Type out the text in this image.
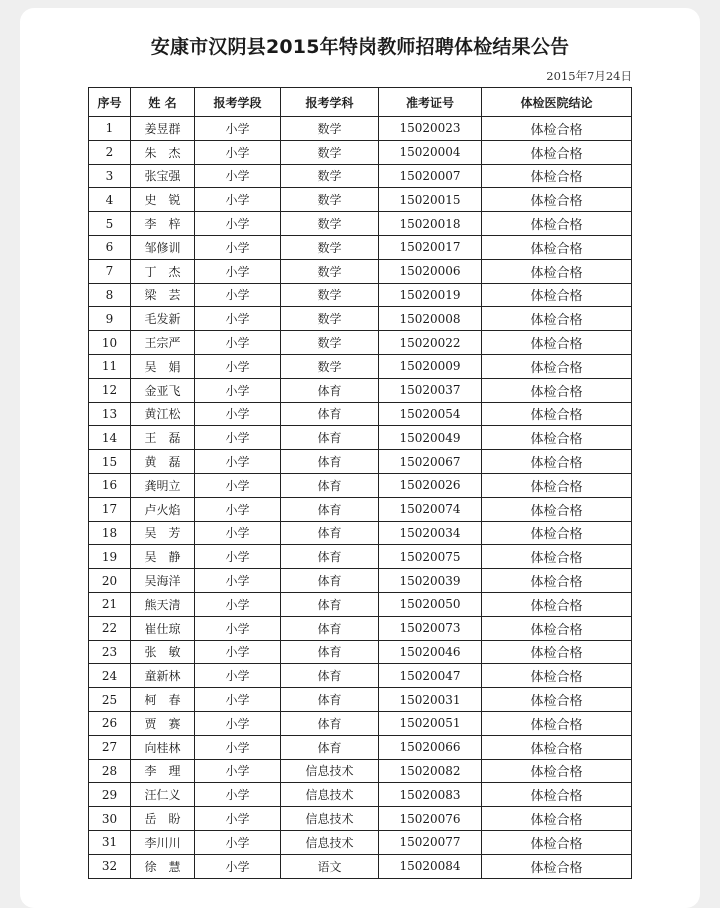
安康市汉阴县2015年特岗教师招聘体检结果公告
2015年7月24日
序号	姓 名	报考学段	报考学科	准考证号	体检医院结论
1	姜昱群	小学	数学	15020023	体检合格
2	朱　杰	小学	数学	15020004	体检合格
3	张宝强	小学	数学	15020007	体检合格
4	史　锐	小学	数学	15020015	体检合格
5	李　梓	小学	数学	15020018	体检合格
6	邹修训	小学	数学	15020017	体检合格
7	丁　杰	小学	数学	15020006	体检合格
8	梁　芸	小学	数学	15020019	体检合格
9	毛发新	小学	数学	15020008	体检合格
10	王宗严	小学	数学	15020022	体检合格
11	吴　娟	小学	数学	15020009	体检合格
12	金亚飞	小学	体育	15020037	体检合格
13	黄江松	小学	体育	15020054	体检合格
14	王　磊	小学	体育	15020049	体检合格
15	黄　磊	小学	体育	15020067	体检合格
16	龚明立	小学	体育	15020026	体检合格
17	卢火焰	小学	体育	15020074	体检合格
18	吴　芳	小学	体育	15020034	体检合格
19	吴　静	小学	体育	15020075	体检合格
20	吴海洋	小学	体育	15020039	体检合格
21	熊天清	小学	体育	15020050	体检合格
22	崔仕琼	小学	体育	15020073	体检合格
23	张　敏	小学	体育	15020046	体检合格
24	童新林	小学	体育	15020047	体检合格
25	柯　春	小学	体育	15020031	体检合格
26	贾　赛	小学	体育	15020051	体检合格
27	向桂林	小学	体育	15020066	体检合格
28	李　理	小学	信息技术	15020082	体检合格
29	汪仁义	小学	信息技术	15020083	体检合格
30	岳　盼	小学	信息技术	15020076	体检合格
31	李川川	小学	信息技术	15020077	体检合格
32	徐　慧	小学	语文	15020084	体检合格
